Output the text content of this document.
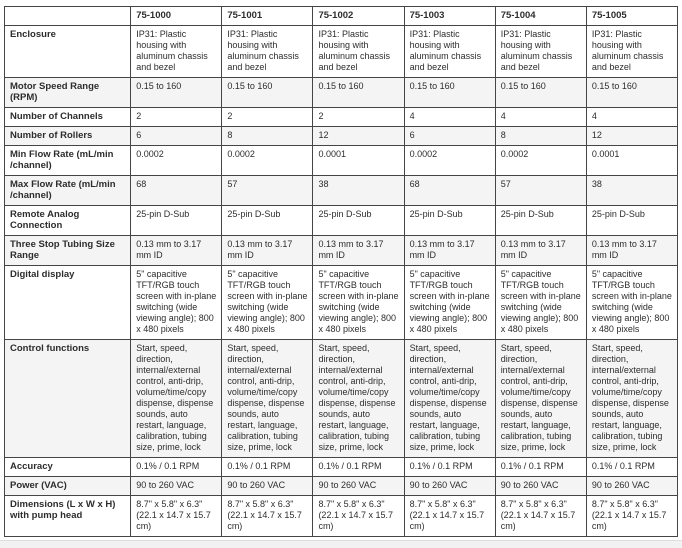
	75-1000	75-1001	75-1002	75-1003	75-1004	75-1005
Enclosure	IP31: Plastic housing with aluminum chassis and bezel	IP31: Plastic housing with aluminum chassis and bezel	IP31: Plastic housing with aluminum chassis and bezel	IP31: Plastic housing with aluminum chassis and bezel	IP31: Plastic housing with aluminum chassis and bezel	IP31: Plastic housing with aluminum chassis and bezel
Motor Speed Range (RPM)	0.15 to 160	0.15 to 160	0.15 to 160	0.15 to 160	0.15 to 160	0.15 to 160
Number of Channels	2	2	2	4	4	4
Number of Rollers	6	8	12	6	8	12
Min Flow Rate (mL/min /channel)	0.0002	0.0002	0.0001	0.0002	0.0002	0.0001
Max Flow Rate (mL/min /channel)	68	57	38	68	57	38
Remote Analog Connection	25-pin D-Sub	25-pin D-Sub	25-pin D-Sub	25-pin D-Sub	25-pin D-Sub	25-pin D-Sub
Three Stop Tubing Size Range	0.13 mm to 3.17 mm ID	0.13 mm to 3.17 mm ID	0.13 mm to 3.17 mm ID	0.13 mm to 3.17 mm ID	0.13 mm to 3.17 mm ID	0.13 mm to 3.17 mm ID
Digital display	5" capacitive TFT/RGB touch screen with in-plane switching (wide viewing angle); 800 x 480 pixels	5" capacitive TFT/RGB touch screen with in-plane switching (wide viewing angle); 800 x 480 pixels	5" capacitive TFT/RGB touch screen with in-plane switching (wide viewing angle); 800 x 480 pixels	5" capacitive TFT/RGB touch screen with in-plane switching (wide viewing angle); 800 x 480 pixels	5" capacitive TFT/RGB touch screen with in-plane switching (wide viewing angle); 800 x 480 pixels	5" capacitive TFT/RGB touch screen with in-plane switching (wide viewing angle); 800 x 480 pixels
Control functions	Start, speed, direction, internal/external control, anti-drip, volume/time/copy dispense, dispense sounds, auto restart, language, calibration, tubing size, prime, lock	Start, speed, direction, internal/external control, anti-drip, volume/time/copy dispense, dispense sounds, auto restart, language, calibration, tubing size, prime, lock	Start, speed, direction, internal/external control, anti-drip, volume/time/copy dispense, dispense sounds, auto restart, language, calibration, tubing size, prime, lock	Start, speed, direction, internal/external control, anti-drip, volume/time/copy dispense, dispense sounds, auto restart, language, calibration, tubing size, prime, lock	Start, speed, direction, internal/external control, anti-drip, volume/time/copy dispense, dispense sounds, auto restart, language, calibration, tubing size, prime, lock	Start, speed, direction, internal/external control, anti-drip, volume/time/copy dispense, dispense sounds, auto restart, language, calibration, tubing size, prime, lock
Accuracy	0.1% / 0.1 RPM	0.1% / 0.1 RPM	0.1% / 0.1 RPM	0.1% / 0.1 RPM	0.1% / 0.1 RPM	0.1% / 0.1 RPM
Power (VAC)	90 to 260 VAC	90 to 260 VAC	90 to 260 VAC	90 to 260 VAC	90 to 260 VAC	90 to 260 VAC
Dimensions (L x W x H) with pump head	8.7" x 5.8" x 6.3" (22.1 x 14.7 x 15.7 cm)	8.7" x 5.8" x 6.3" (22.1 x 14.7 x 15.7 cm)	8.7" x 5.8" x 6.3" (22.1 x 14.7 x 15.7 cm)	8.7" x 5.8" x 6.3" (22.1 x 14.7 x 15.7 cm)	8.7" x 5.8" x 6.3" (22.1 x 14.7 x 15.7 cm)	8.7" x 5.8" x 6.3" (22.1 x 14.7 x 15.7 cm)
